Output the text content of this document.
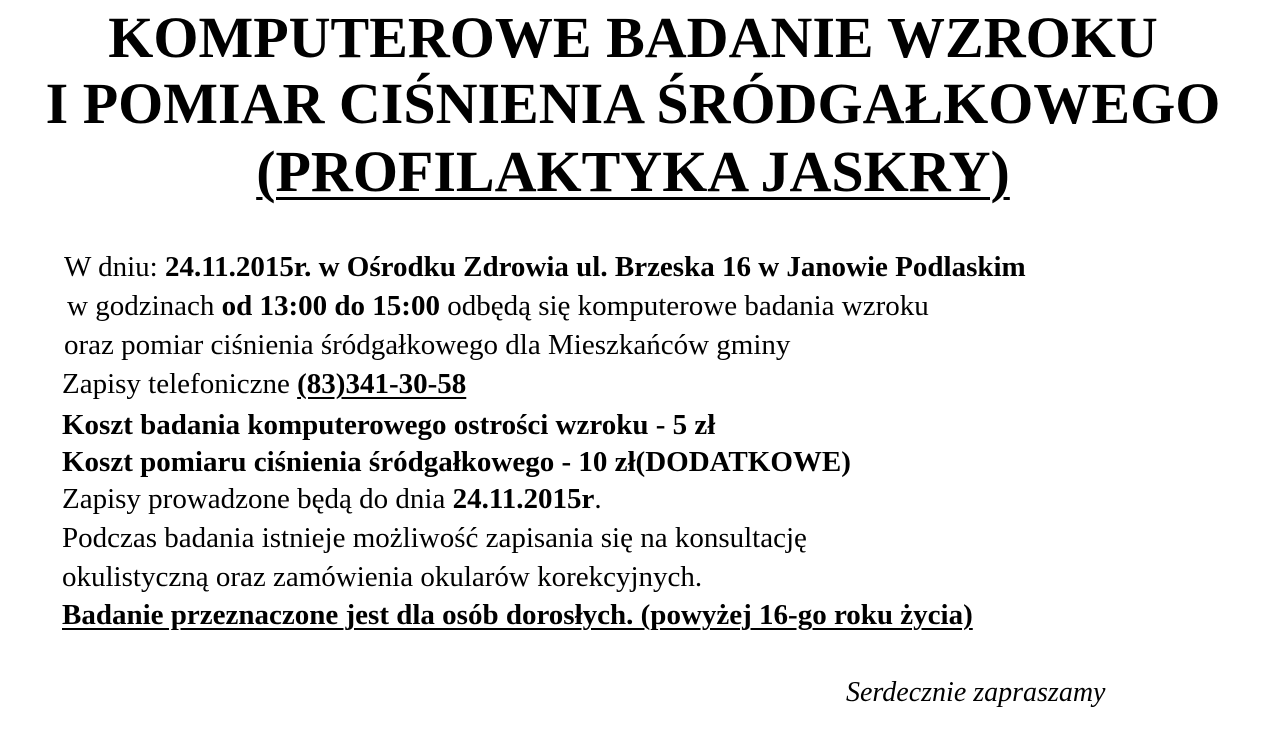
KOMPUTEROWE BADANIE WZROKU

I POMIAR CIŚNIENIA ŚRÓDGAŁKOWEGO

(PROFILAKTYKA JASKRY)

W dniu: 24.11.2015r. w Ośrodku Zdrowia ul. Brzeska 16 w Janowie Podlaskim

w godzinach od 13:00 do 15:00 odbędą się komputerowe badania wzroku

oraz pomiar ciśnienia śródgałkowego dla Mieszkańców gminy

Zapisy telefoniczne (83)341-30-58

Koszt badania komputerowego ostrości wzroku - 5 zł

Koszt pomiaru ciśnienia śródgałkowego - 10 zł(DODATKOWE)

Zapisy prowadzone będą do dnia 24.11.2015r.

Podczas badania istnieje możliwość zapisania się na konsultację

okulistyczną oraz zamówienia okularów korekcyjnych.

Badanie przeznaczone jest dla osób dorosłych. (powyżej 16-go roku życia)

Serdecznie zapraszamy
